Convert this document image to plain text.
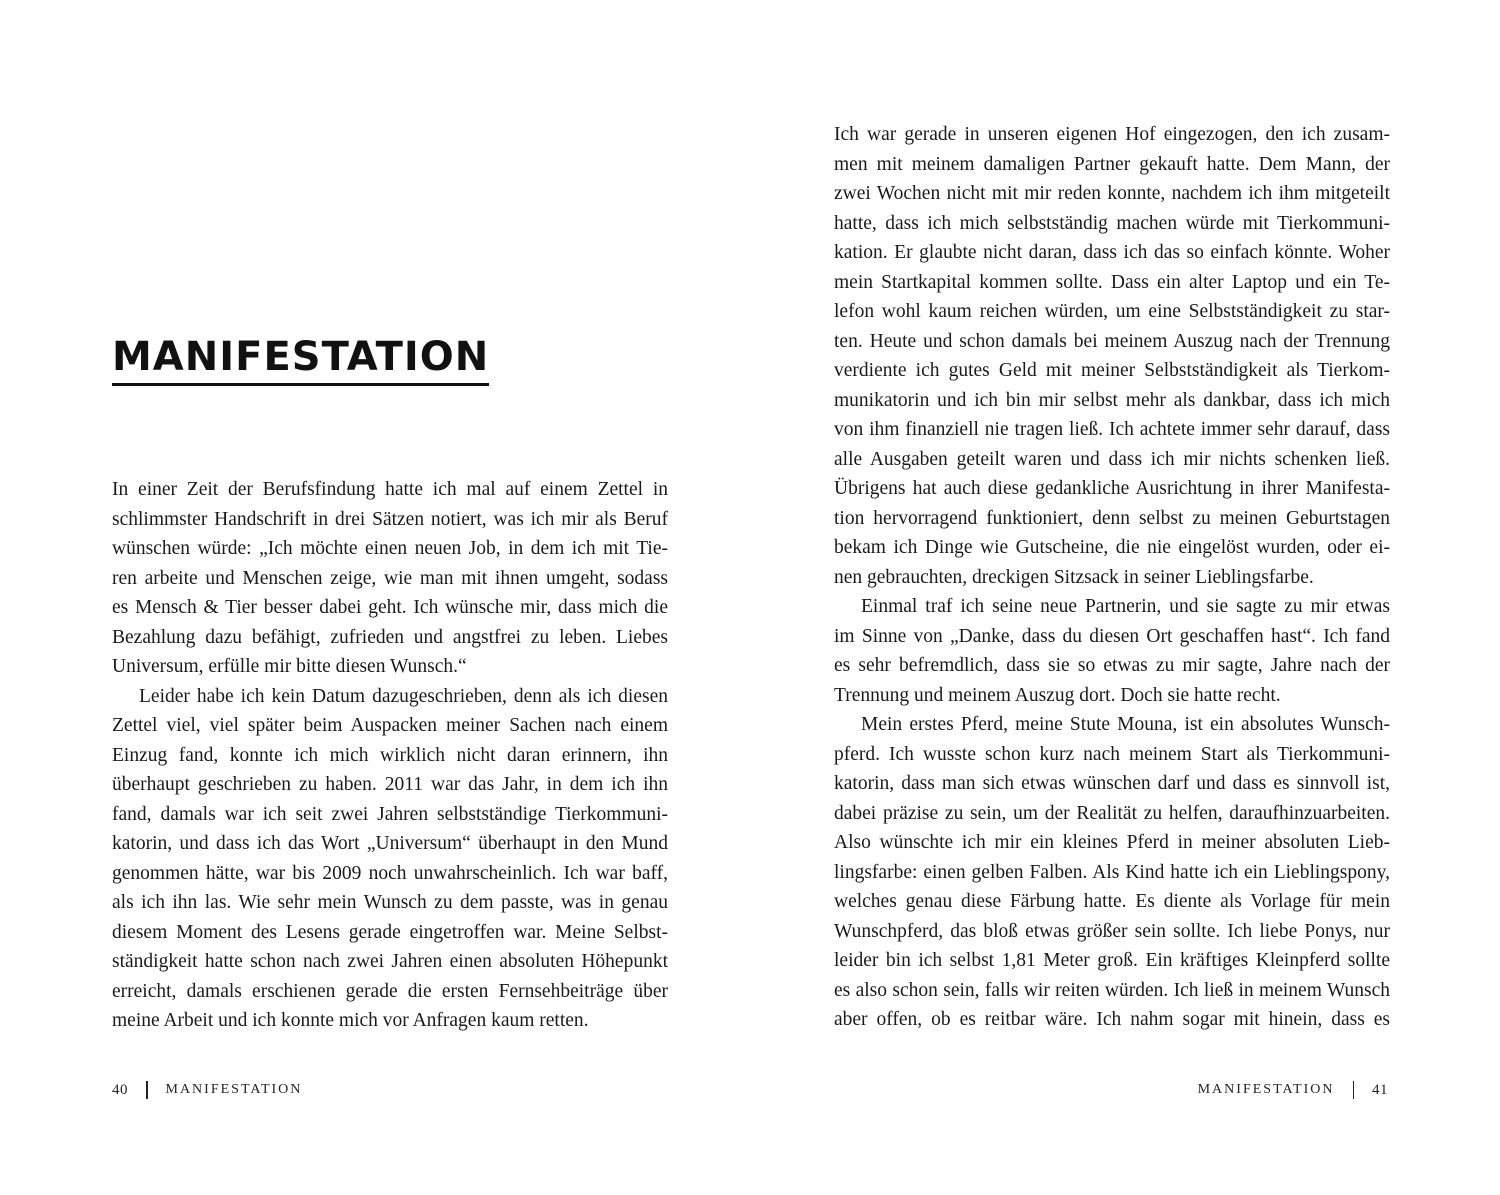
MANIFESTATION
In einer Zeit der Berufsfindung hatte ich mal auf einem Zettel in
schlimmster Handschrift in drei Sätzen notiert, was ich mir als Beruf
wünschen würde: „Ich möchte einen neuen Job, in dem ich mit Tie-
ren arbeite und Menschen zeige, wie man mit ihnen umgeht, sodass
es Mensch & Tier besser dabei geht. Ich wünsche mir, dass mich die
Bezahlung dazu befähigt, zufrieden und angstfrei zu leben. Liebes
Universum, erfülle mir bitte diesen Wunsch.“
Leider habe ich kein Datum dazugeschrieben, denn als ich diesen
Zettel viel, viel später beim Auspacken meiner Sachen nach einem
Einzug fand, konnte ich mich wirklich nicht daran erinnern, ihn
überhaupt geschrieben zu haben. 2011 war das Jahr, in dem ich ihn
fand, damals war ich seit zwei Jahren selbstständige Tierkommuni-
katorin, und dass ich das Wort „Universum“ überhaupt in den Mund
genommen hätte, war bis 2009 noch unwahrscheinlich. Ich war baff,
als ich ihn las. Wie sehr mein Wunsch zu dem passte, was in genau
diesem Moment des Lesens gerade eingetroffen war. Meine Selbst-
ständigkeit hatte schon nach zwei Jahren einen absoluten Höhepunkt
erreicht, damals erschienen gerade die ersten Fernsehbeiträge über
meine Arbeit und ich konnte mich vor Anfragen kaum retten.
40	MANIFESTATION
Ich war gerade in unseren eigenen Hof eingezogen, den ich zusam-
men mit meinem damaligen Partner gekauft hatte. Dem Mann, der
zwei Wochen nicht mit mir reden konnte, nachdem ich ihm mitgeteilt
hatte, dass ich mich selbstständig machen würde mit Tierkommuni-
kation. Er glaubte nicht daran, dass ich das so einfach könnte. Woher
mein Startkapital kommen sollte. Dass ein alter Laptop und ein Te-
lefon wohl kaum reichen würden, um eine Selbstständigkeit zu star-
ten. Heute und schon damals bei meinem Auszug nach der Trennung
verdiente ich gutes Geld mit meiner Selbstständigkeit als Tierkom-
munikatorin und ich bin mir selbst mehr als dankbar, dass ich mich
von ihm finanziell nie tragen ließ. Ich achtete immer sehr darauf, dass
alle Ausgaben geteilt waren und dass ich mir nichts schenken ließ.
Übrigens hat auch diese gedankliche Ausrichtung in ihrer Manifesta-
tion hervorragend funktioniert, denn selbst zu meinen Geburtstagen
bekam ich Dinge wie Gutscheine, die nie eingelöst wurden, oder ei-
nen gebrauchten, dreckigen Sitzsack in seiner Lieblingsfarbe.
Einmal traf ich seine neue Partnerin, und sie sagte zu mir etwas
im Sinne von „Danke, dass du diesen Ort geschaffen hast“. Ich fand
es sehr befremdlich, dass sie so etwas zu mir sagte, Jahre nach der
Trennung und meinem Auszug dort. Doch sie hatte recht.
Mein erstes Pferd, meine Stute Mouna, ist ein absolutes Wunsch-
pferd. Ich wusste schon kurz nach meinem Start als Tierkommuni-
katorin, dass man sich etwas wünschen darf und dass es sinnvoll ist,
dabei präzise zu sein, um der Realität zu helfen, daraufhinzuarbeiten.
Also wünschte ich mir ein kleines Pferd in meiner absoluten Lieb-
lingsfarbe: einen gelben Falben. Als Kind hatte ich ein Lieblingspony,
welches genau diese Färbung hatte. Es diente als Vorlage für mein
Wunschpferd, das bloß etwas größer sein sollte. Ich liebe Ponys, nur
leider bin ich selbst 1,81 Meter groß. Ein kräftiges Kleinpferd sollte
es also schon sein, falls wir reiten würden. Ich ließ in meinem Wunsch
aber offen, ob es reitbar wäre. Ich nahm sogar mit hinein, dass es
MANIFESTATION	41
